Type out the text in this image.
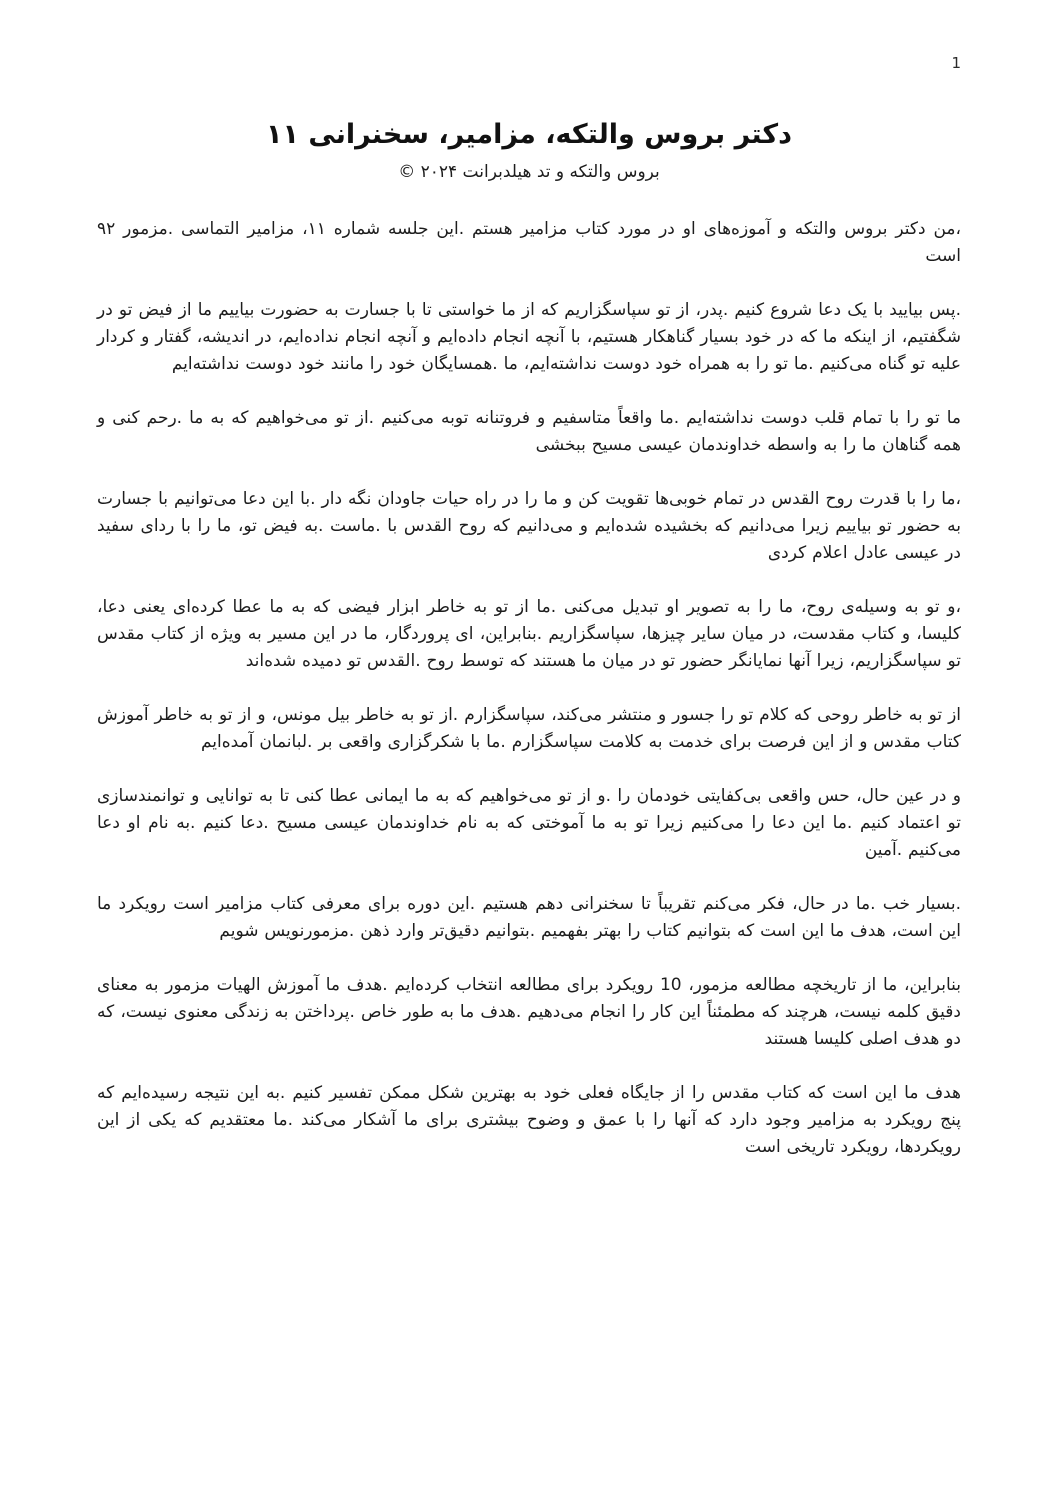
1
دکتر بروس والتکه، مزامیر، سخنرانی ۱۱
بروس والتکه و تد هیلدبرانت ۲۰۲۴ ©

،من دکتر بروس والتکه و آموزه‌های او در مورد کتاب مزامیر هستم .این جلسه شماره ۱۱، مزامیر التماسی .مزمور ۹۲ است

.پس بیایید با یک دعا شروع کنیم .پدر، از تو سپاسگزاریم که از ما خواستی تا با جسارت به حضورت بیاییم ما از فیض تو در شگفتیم، از اینکه ما که در خود بسیار گناهکار هستیم، با آنچه انجام داده‌ایم و آنچه انجام نداده‌ایم، در اندیشه، گفتار و کردار علیه تو گناه می‌کنیم .ما تو را به همراه خود دوست نداشته‌ایم، ما .همسایگان خود را مانند خود دوست نداشته‌ایم

ما تو را با تمام قلب دوست نداشته‌ایم .ما واقعاً متاسفیم و فروتنانه توبه می‌کنیم .از تو می‌خواهیم که به ما .رحم کنی و همه گناهان ما را به واسطه خداوندمان عیسی مسیح ببخشی

،ما را با قدرت روح القدس در تمام خوبی‌ها تقویت کن و ما را در راه حیات جاودان نگه دار .با این دعا می‌توانیم با جسارت به حضور تو بیاییم زیرا می‌دانیم که بخشیده شده‌ایم و می‌دانیم که روح القدس با .ماست .به فیض تو، ما را با ردای سفید در عیسی عادل اعلام کردی

،و تو به وسیله‌ی روح، ما را به تصویر او تبدیل می‌کنی .ما از تو به خاطر ابزار فیضی که به ما عطا کرده‌ای یعنی دعا، کلیسا، و کتاب مقدست، در میان سایر چیزها، سپاسگزاریم .بنابراین، ای پروردگار، ما در این مسیر به ویژه از کتاب مقدس تو سپاسگزاریم، زیرا آنها نمایانگر حضور تو در میان ما هستند که توسط روح .القدس تو دمیده شده‌اند

از تو به خاطر روحی که کلام تو را جسور و منتشر می‌کند، سپاسگزارم .از تو به خاطر بیل مونس، و از تو به خاطر آموزش کتاب مقدس و از این فرصت برای خدمت به کلامت سپاسگزارم .ما با شکرگزاری واقعی بر .لبانمان آمده‌ایم

و در عین حال، حس واقعی بی‌کفایتی خودمان را .و از تو می‌خواهیم که به ما ایمانی عطا کنی تا به توانایی و توانمندسازی تو اعتماد کنیم .ما این دعا را می‌کنیم زیرا تو به ما آموختی که به نام خداوندمان عیسی مسیح .دعا کنیم .به نام او دعا می‌کنیم .آمین

.بسیار خب .ما در حال، فکر می‌کنم تقریباً تا سخنرانی دهم هستیم .این دوره برای معرفی کتاب مزامیر است رویکرد ما این است، هدف ما این است که بتوانیم کتاب را بهتر بفهمیم .بتوانیم دقیق‌تر وارد ذهن .مزمورنویس شویم

بنابراین، ما از تاریخچه مطالعه مزمور، 10 رویکرد برای مطالعه انتخاب کرده‌ایم .هدف ما آموزش الهیات مزمور به معنای دقیق کلمه نیست، هرچند که مطمئناً این کار را انجام می‌دهیم .هدف ما به طور خاص .پرداختن به زندگی معنوی نیست، که دو هدف اصلی کلیسا هستند

هدف ما این است که کتاب مقدس را از جایگاه فعلی خود به بهترین شکل ممکن تفسیر کنیم .به این نتیجه رسیده‌ایم که پنج رویکرد به مزامیر وجود دارد که آنها را با عمق و وضوح بیشتری برای ما آشکار می‌کند .ما معتقدیم که یکی از این رویکردها، رویکرد تاریخی است
